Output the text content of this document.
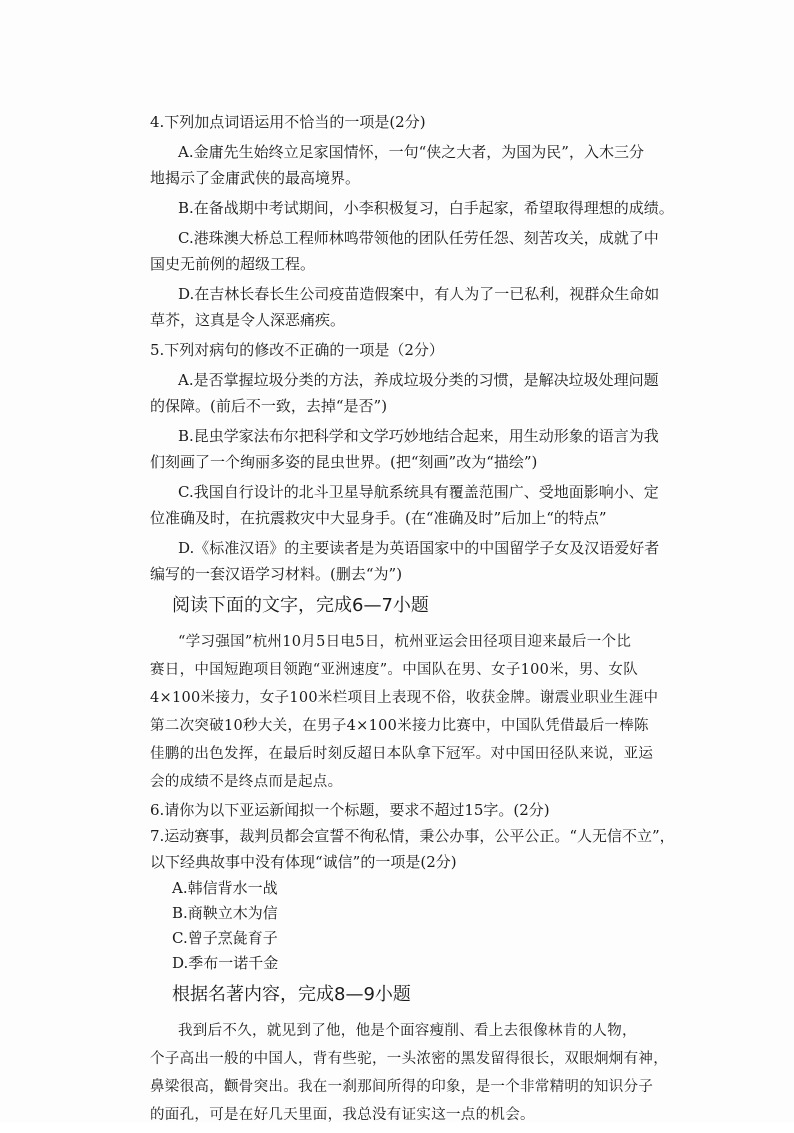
4.下列加点词语运用不恰当的一项是(2分)
A.金庸先生始终立足家国情怀，一句“侠之大者，为国为民”，入木三分
地揭示了金庸武侠的最高境界。
B.在备战期中考试期间，小李积极复习，白手起家，希望取得理想的成绩。
C.港珠澳大桥总工程师林鸣带领他的团队任劳任怨、刻苦攻关，成就了中
国史无前例的超级工程。
D.在吉林长春长生公司疫苗造假案中，有人为了一已私利，视群众生命如
草芥，这真是令人深恶痛疾。
5.下列对病句的修改不正确的一项是（2分）
A.是否掌握垃圾分类的方法，养成垃圾分类的习惯，是解决垃圾处理问题
的保障。(前后不一致，去掉“是否”)
B.昆虫学家法布尔把科学和文学巧妙地结合起来，用生动形象的语言为我
们刻画了一个绚丽多姿的昆虫世界。(把“刻画”改为“描绘”)
C.我国自行设计的北斗卫星导航系统具有覆盖范围广、受地面影响小、定
位准确及时，在抗震救灾中大显身手。(在“准确及时”后加上“的特点”
D.《标准汉语》的主要读者是为英语国家中的中国留学子女及汉语爱好者
编写的一套汉语学习材料。(删去“为”)
阅读下面的文字，完成6—7小题
“学习强国”杭州10月5日电5日，杭州亚运会田径项目迎来最后一个比
赛日，中国短跑项目领跑“亚洲速度”。中国队在男、女子100米，男、女队
4×100米接力，女子100米栏项目上表现不俗，收获金牌。谢震业职业生涯中
第二次突破10秒大关，在男子4×100米接力比赛中，中国队凭借最后一棒陈
佳鹏的出色发挥，在最后时刻反超日本队拿下冠军。对中国田径队来说，亚运
会的成绩不是终点而是起点。
6.请你为以下亚运新闻拟一个标题，要求不超过15字。(2分)
7.运动赛事，裁判员都会宣誓不徇私情，秉公办事，公平公正。“人无信不立”，
以下经典故事中没有体现“诚信”的一项是(2分)
A.韩信背水一战
B.商鞅立木为信
C.曾子烹彘育子
D.季布一诺千金
根据名著内容，完成8—9小题
我到后不久，就见到了他，他是个面容瘦削、看上去很像林肯的人物，
个子高出一般的中国人，背有些驼，一头浓密的黑发留得很长，双眼炯炯有神，
鼻梁很高，颧骨突出。我在一刹那间所得的印象，是一个非常精明的知识分子
的面孔，可是在好几天里面，我总没有证实这一点的机会。
